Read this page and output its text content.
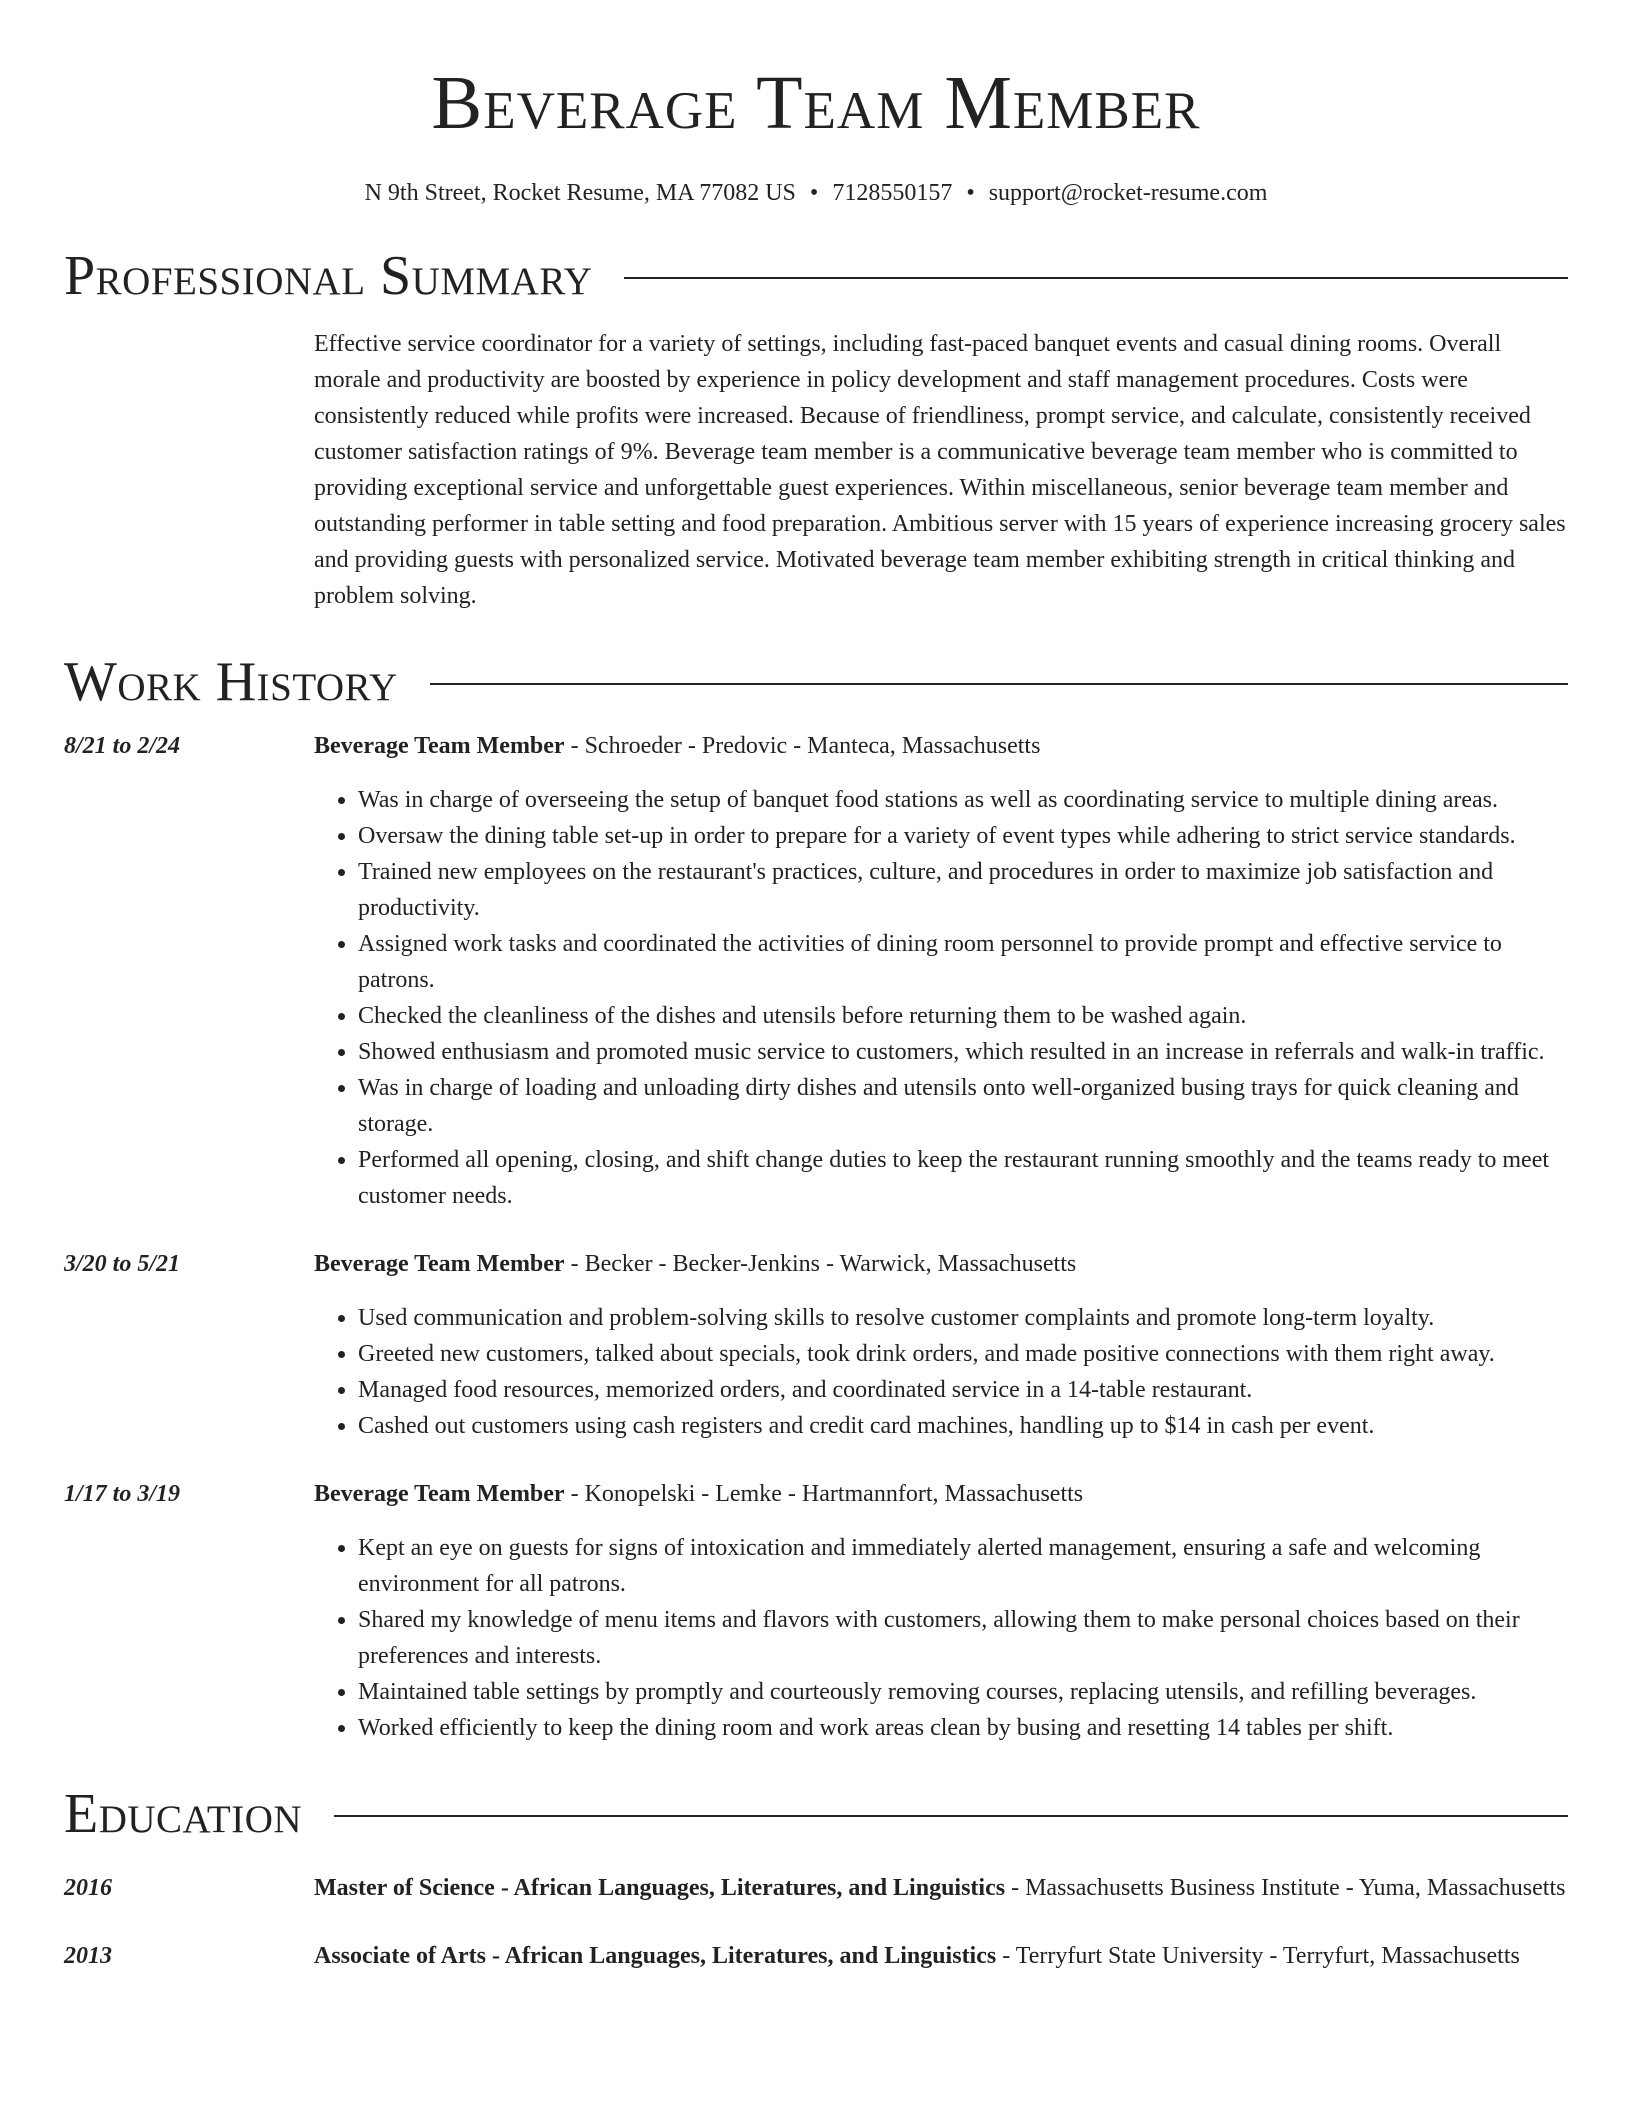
Beverage Team Member
N 9th Street, Rocket Resume, MA 77082 US • 7128550157 • support@rocket-resume.com
Professional Summary
Effective service coordinator for a variety of settings, including fast-paced banquet events and casual dining rooms. Overall morale and productivity are boosted by experience in policy development and staff management procedures. Costs were consistently reduced while profits were increased. Because of friendliness, prompt service, and calculate, consistently received customer satisfaction ratings of 9%. Beverage team member is a communicative beverage team member who is committed to providing exceptional service and unforgettable guest experiences. Within miscellaneous, senior beverage team member and outstanding performer in table setting and food preparation. Ambitious server with 15 years of experience increasing grocery sales and providing guests with personalized service. Motivated beverage team member exhibiting strength in critical thinking and problem solving.
Work History
8/21 to 2/24	Beverage Team Member - Schroeder - Predovic - Manteca, Massachusetts
• Was in charge of overseeing the setup of banquet food stations as well as coordinating service to multiple dining areas.
• Oversaw the dining table set-up in order to prepare for a variety of event types while adhering to strict service standards.
• Trained new employees on the restaurant's practices, culture, and procedures in order to maximize job satisfaction and productivity.
• Assigned work tasks and coordinated the activities of dining room personnel to provide prompt and effective service to patrons.
• Checked the cleanliness of the dishes and utensils before returning them to be washed again.
• Showed enthusiasm and promoted music service to customers, which resulted in an increase in referrals and walk-in traffic.
• Was in charge of loading and unloading dirty dishes and utensils onto well-organized busing trays for quick cleaning and storage.
• Performed all opening, closing, and shift change duties to keep the restaurant running smoothly and the teams ready to meet customer needs.
3/20 to 5/21	Beverage Team Member - Becker - Becker-Jenkins - Warwick, Massachusetts
• Used communication and problem-solving skills to resolve customer complaints and promote long-term loyalty.
• Greeted new customers, talked about specials, took drink orders, and made positive connections with them right away.
• Managed food resources, memorized orders, and coordinated service in a 14-table restaurant.
• Cashed out customers using cash registers and credit card machines, handling up to $14 in cash per event.
1/17 to 3/19	Beverage Team Member - Konopelski - Lemke - Hartmannfort, Massachusetts
• Kept an eye on guests for signs of intoxication and immediately alerted management, ensuring a safe and welcoming environment for all patrons.
• Shared my knowledge of menu items and flavors with customers, allowing them to make personal choices based on their preferences and interests.
• Maintained table settings by promptly and courteously removing courses, replacing utensils, and refilling beverages.
• Worked efficiently to keep the dining room and work areas clean by busing and resetting 14 tables per shift.
Education
2016	Master of Science - African Languages, Literatures, and Linguistics - Massachusetts Business Institute - Yuma, Massachusetts
2013	Associate of Arts - African Languages, Literatures, and Linguistics - Terryfurt State University - Terryfurt, Massachusetts
